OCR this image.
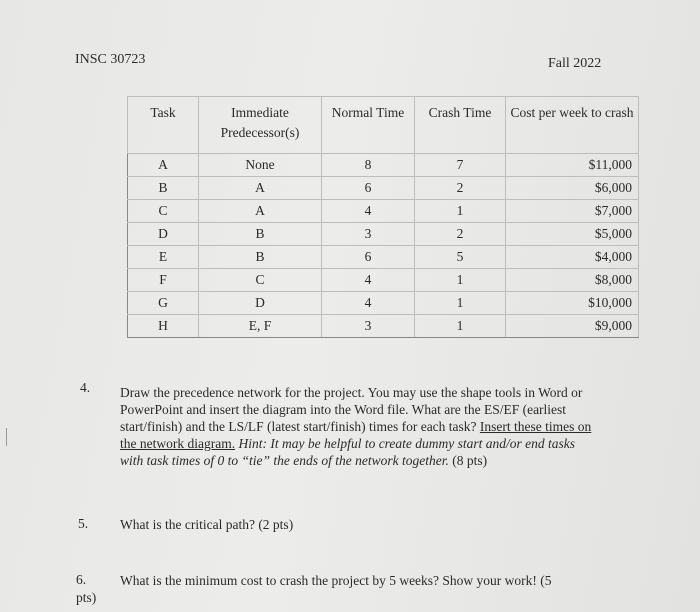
INSC 30723	Fall 2022
Task	Immediate Predecessor(s)	Normal Time	Crash Time	Cost per week to crash
A	None	8	7	$11,000
B	A	6	2	$6,000
C	A	4	1	$7,000
D	B	3	2	$5,000
E	B	6	5	$4,000
F	C	4	1	$8,000
G	D	4	1	$10,000
H	E, F	3	1	$9,000
4. Draw the precedence network for the project. You may use the shape tools in Word or PowerPoint and insert the diagram into the Word file. What are the ES/EF (earliest start/finish) and the LS/LF (latest start/finish) times for each task? Insert these times on the network diagram. Hint: It may be helpful to create dummy start and/or end tasks with task times of 0 to “tie” the ends of the network together. (8 pts)
5. What is the critical path? (2 pts)
6.	What is the minimum cost to crash the project by 5 weeks? Show your work! (5
pts)
